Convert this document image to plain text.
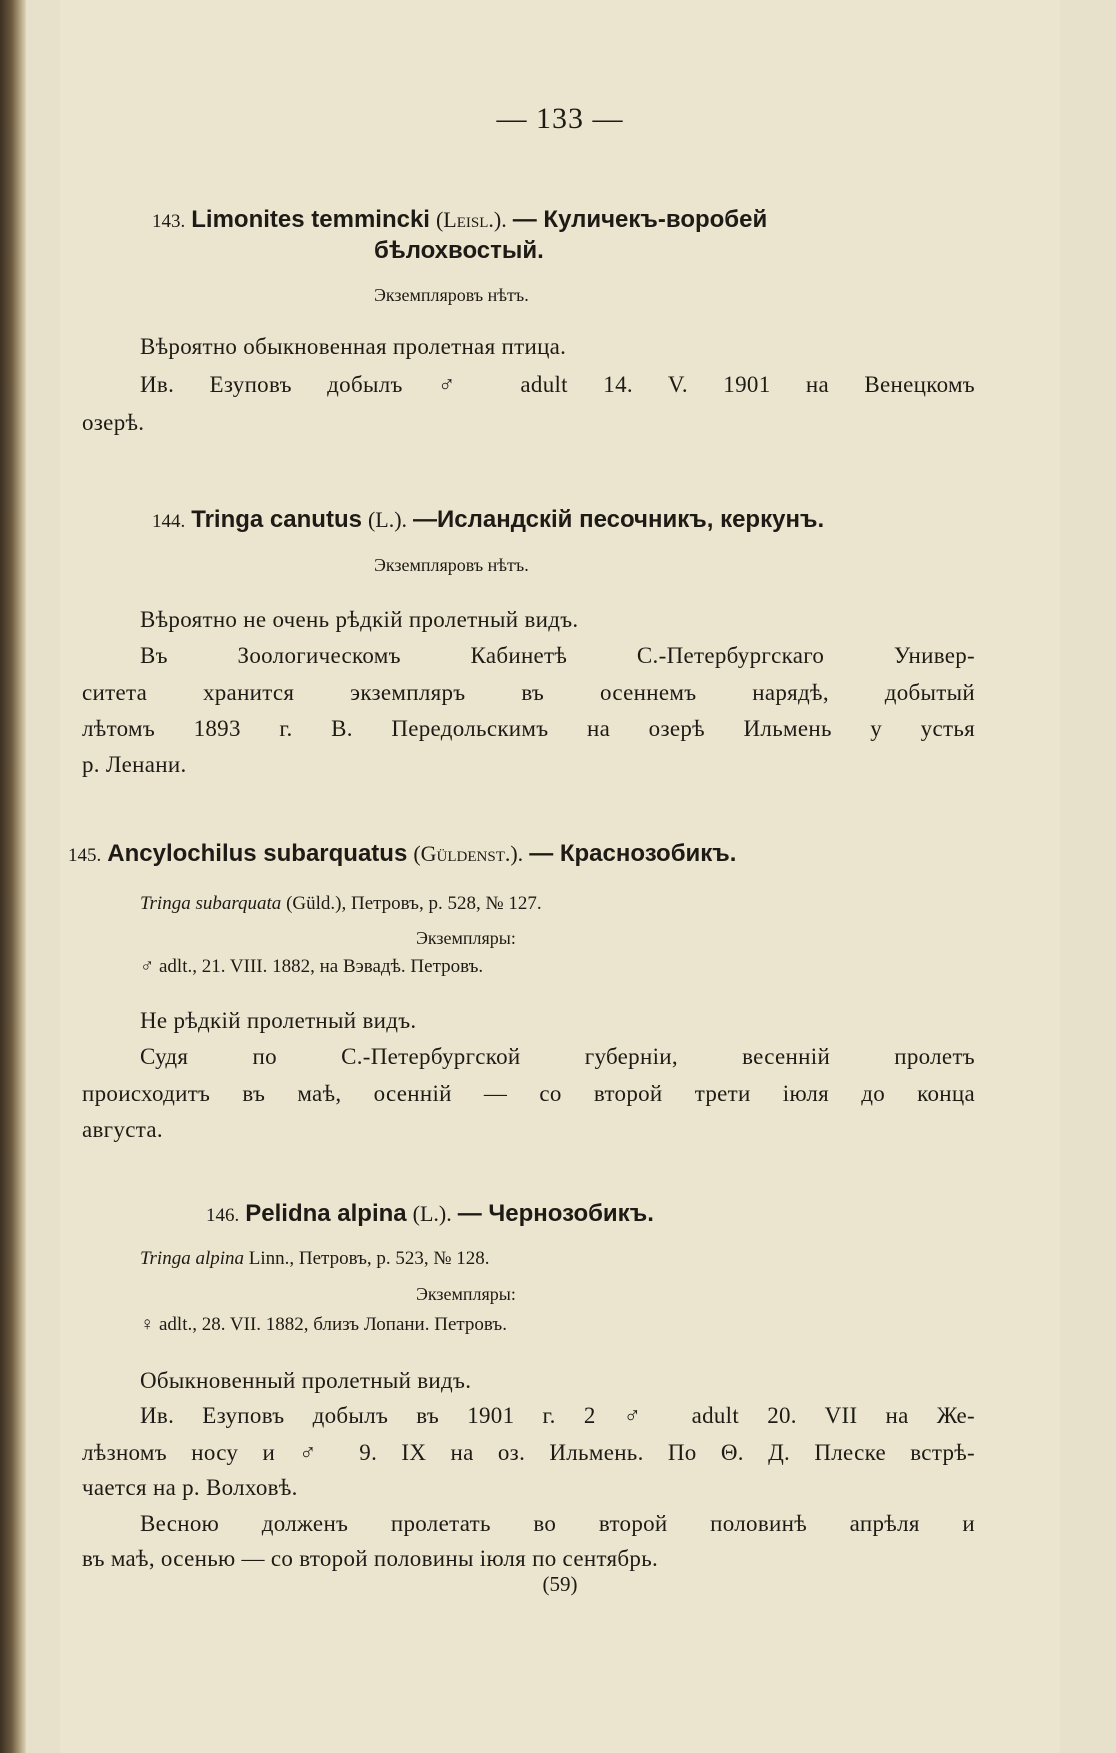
— 133 —
143. Limonites temmincki (Leisl.). — Куличекъ-воробей
бѣлохвостый.
Экземпляровъ нѣтъ.
Вѣроятно обыкновенная пролетная птица.
Ив. Езуповъ добылъ ♂ adult 14. V. 1901 на Венецкомъ
озерѣ.
144. Tringa canutus (L.). —Исландскій песочникъ, керкунъ.
Экземпляровъ нѣтъ.
Вѣроятно не очень рѣдкій пролетный видъ.
Въ Зоологическомъ Кабинетѣ С.-Петербургскаго Универ-
ситета хранится экземпляръ въ осеннемъ нарядѣ, добытый
лѣтомъ 1893 г. В. Передольскимъ на озерѣ Ильмень у устья
р. Ленани.
145. Ancylochilus subarquatus (Güldenst.). — Краснозобикъ.
Tringa subarquata (Güld.), Петровъ, p. 528, № 127.
Экземпляры:
♂ adlt., 21. VIII. 1882, на Вэвадѣ. Петровъ.
Не рѣдкій пролетный видъ.
Судя по С.-Петербургской губерніи, весенній пролетъ
происходитъ въ маѣ, осенній — со второй трети іюля до конца
августа.
146. Pelidna alpina (L.). — Чернозобикъ.
Tringa alpina Linn., Петровъ, p. 523, № 128.
Экземпляры:
♀ adlt., 28. VII. 1882, близъ Лопани. Петровъ.
Обыкновенный пролетный видъ.
Ив. Езуповъ добылъ въ 1901 г. 2 ♂ adult 20. VII на Же-
лѣзномъ носу и ♂ 9. IX на оз. Ильмень. По Θ. Д. Плеске встрѣ-
чается на р. Волховѣ.
Весною долженъ пролетать во второй половинѣ апрѣля и
въ маѣ, осенью — со второй половины іюля по сентябрь.
(59)
